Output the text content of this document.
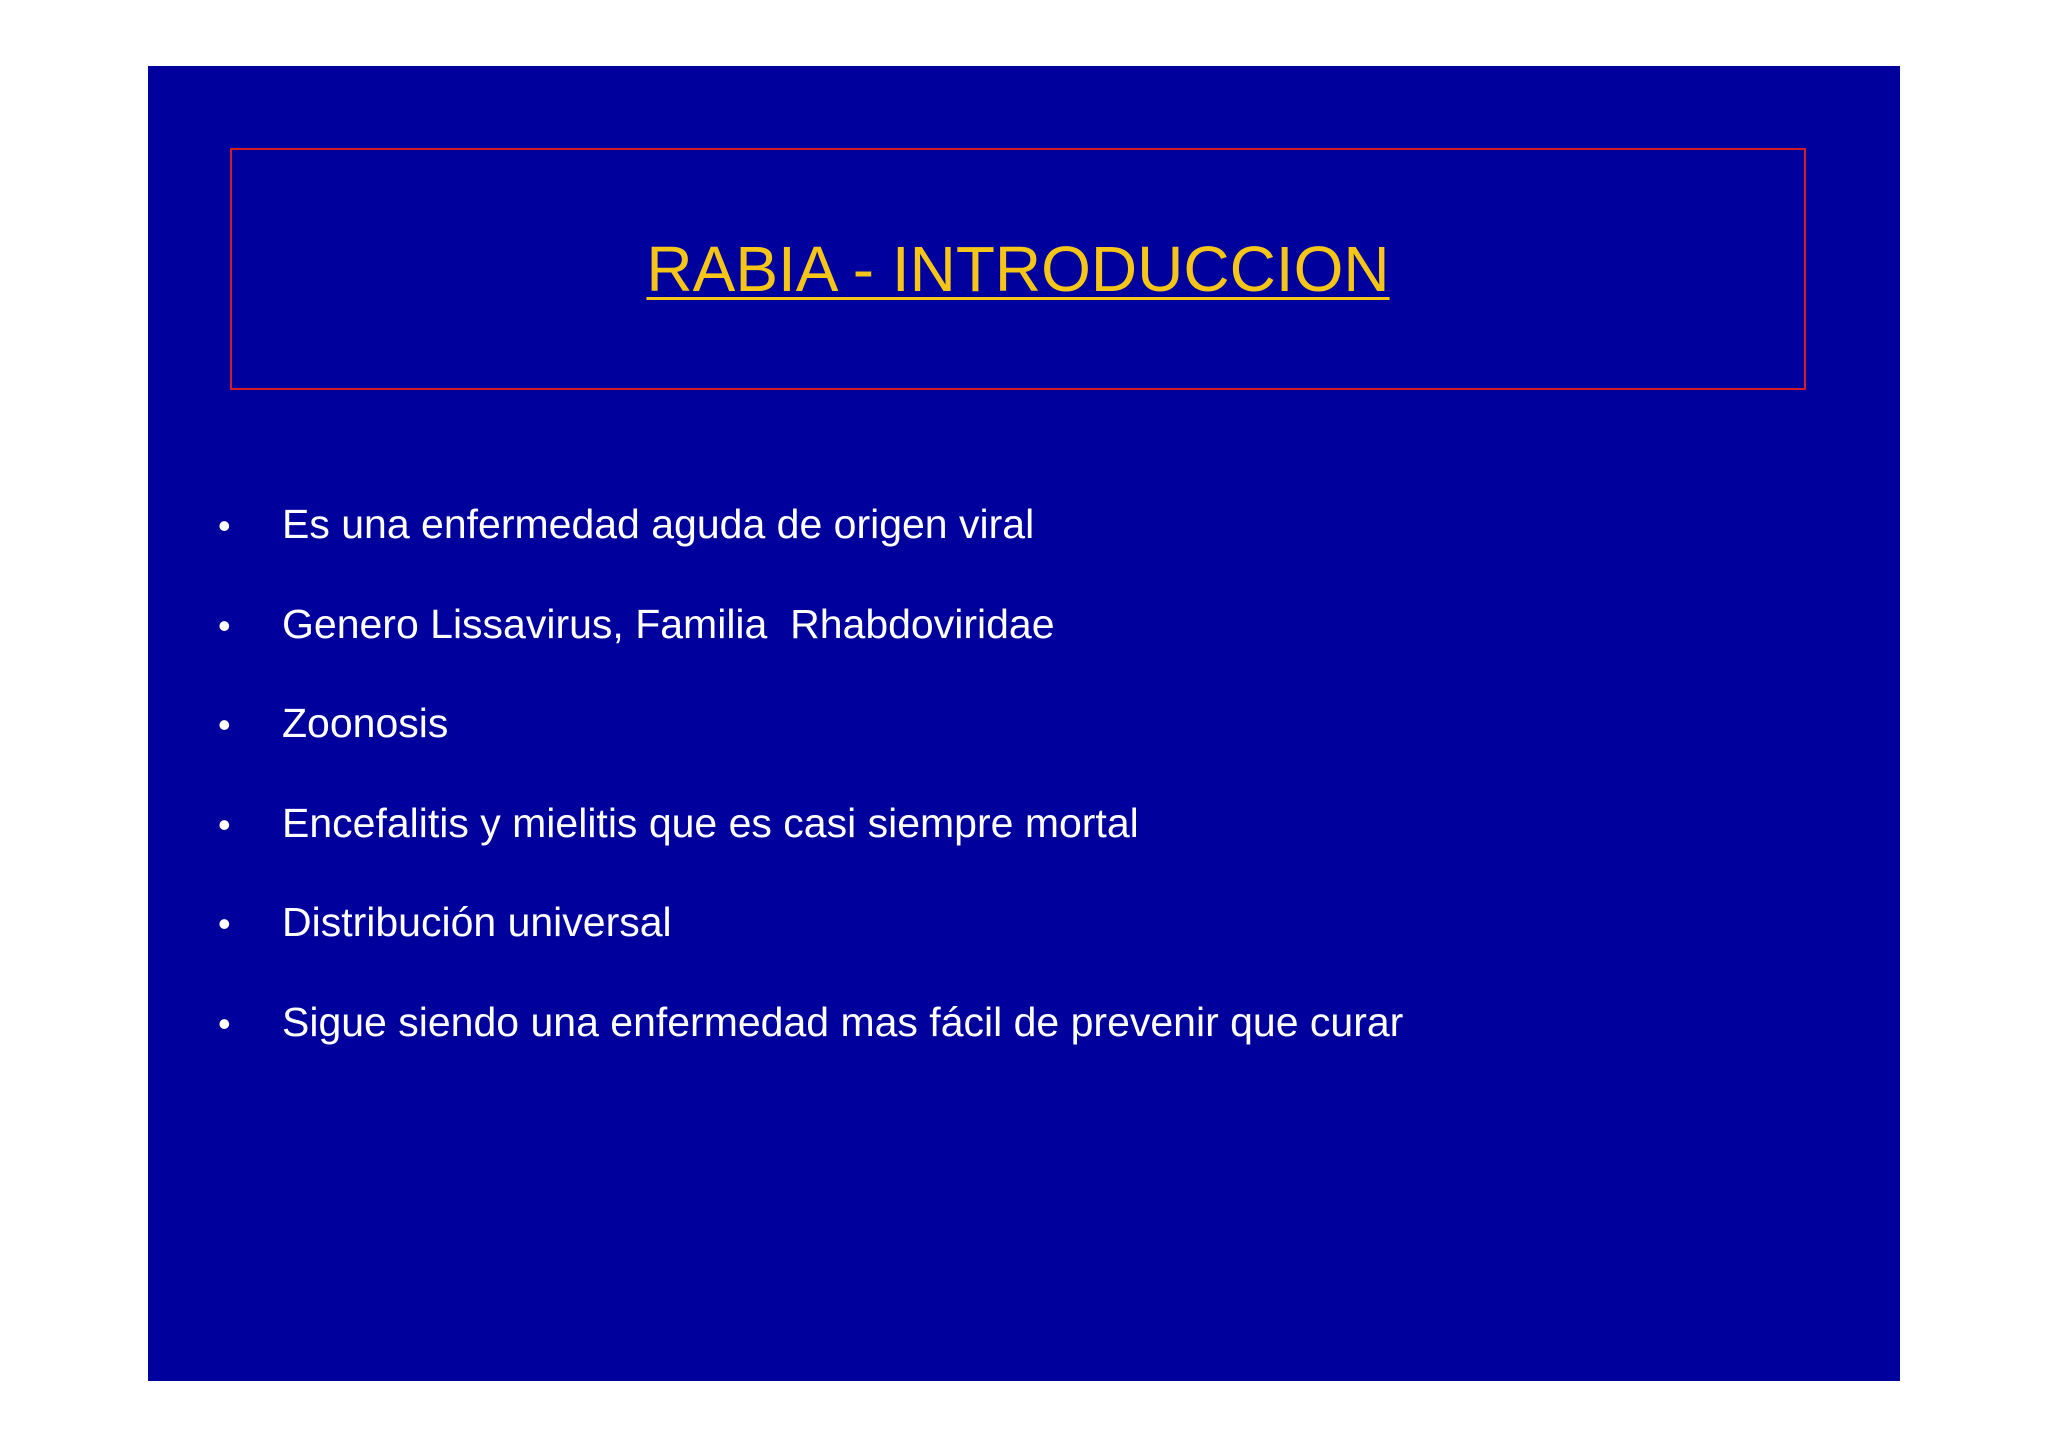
RABIA - INTRODUCCION
•	Es una enfermedad aguda de origen viral
•	Genero Lissavirus, Familia  Rhabdoviridae
•	Zoonosis
•	Encefalitis y mielitis que es casi siempre mortal
•	Distribución universal
•	Sigue siendo una enfermedad mas fácil de prevenir que curar
